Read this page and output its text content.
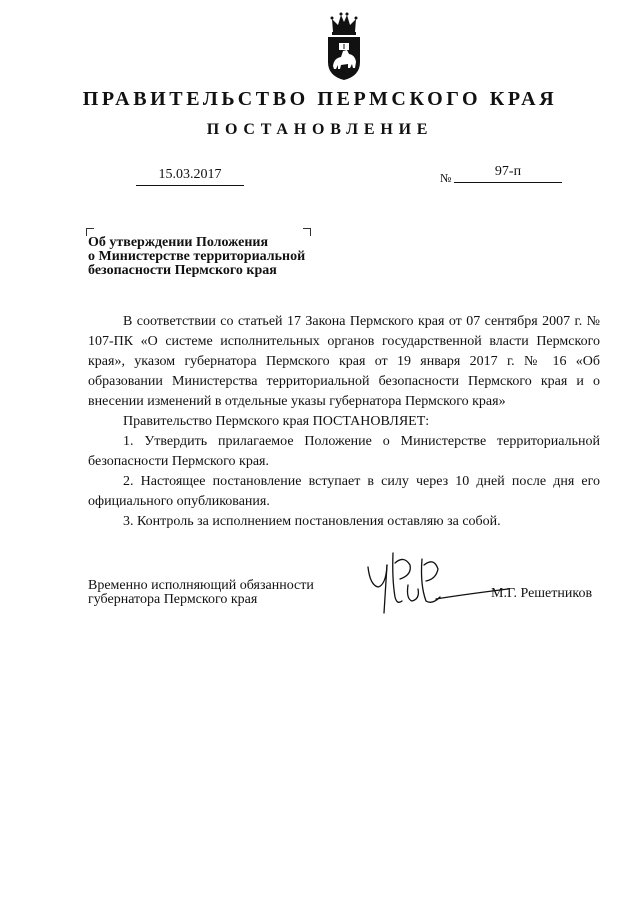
ПРАВИТЕЛЬСТВО ПЕРМСКОГО КРАЯ
ПОСТАНОВЛЕНИЕ
15.03.2017	№	97-п
Об утверждении Положения
о Министерстве территориальной
безопасности Пермского края

В соответствии со статьей 17 Закона Пермского края от 07 сентября 2007 г. № 107-ПК «О системе исполнительных органов государственной власти Пермского края», указом губернатора Пермского края от 19 января 2017 г. № 16 «Об образовании Министерства территориальной безопасности Пермского края и о внесении изменений в отдельные указы губернатора Пермского края»

Правительство Пермского края ПОСТАНОВЛЯЕТ:

1. Утвердить прилагаемое Положение о Министерстве территориальной безопасности Пермского края.

2. Настоящее постановление вступает в силу через 10 дней после дня его официального опубликования.

3. Контроль за исполнением постановления оставляю за собой.

Временно исполняющий обязанности
губернатора Пермского края	М.Г. Решетников
